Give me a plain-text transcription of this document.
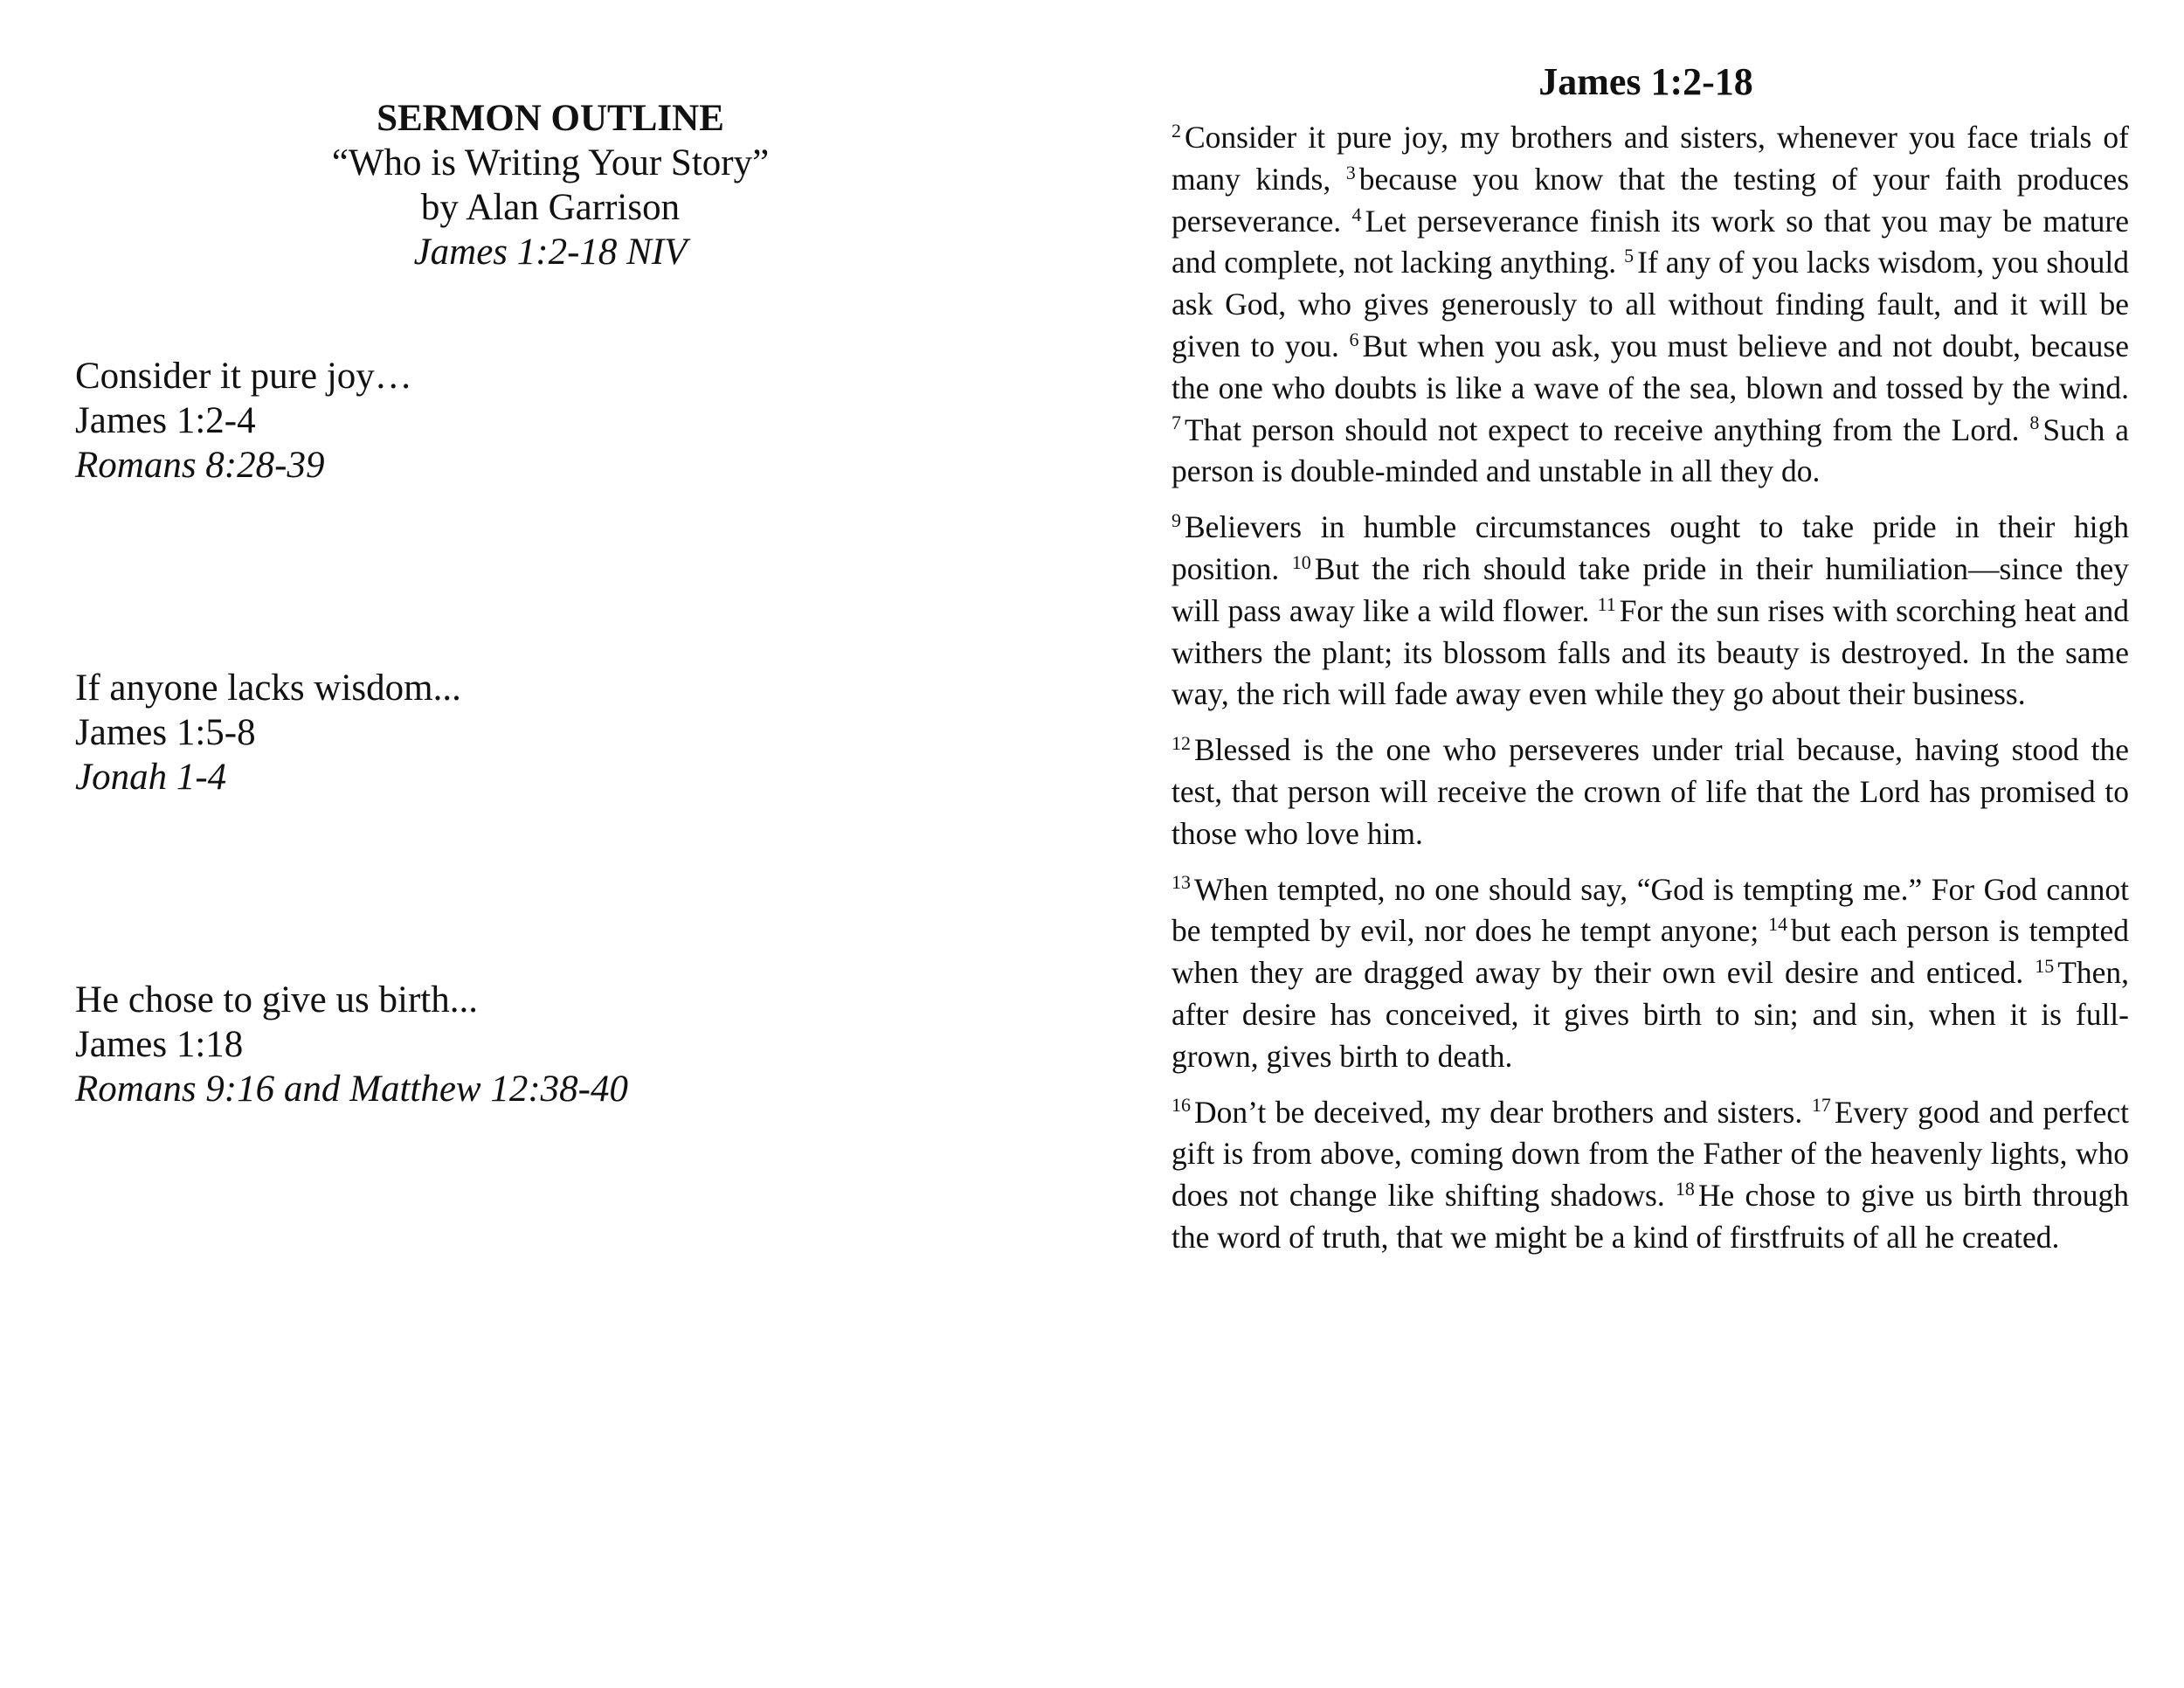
SERMON OUTLINE
“Who is Writing Your Story”
by Alan Garrison
James 1:2-18 NIV
Consider it pure joy…
James 1:2-4
Romans 8:28-39
If anyone lacks wisdom...
James 1:5-8
Jonah 1-4
He chose to give us birth...
James 1:18
Romans 9:16 and Matthew 12:38-40
James 1:2-18

$^2$ Consider it pure joy, my brothers and sisters, whenever you face trials of many kinds, $^3$ because you know that the testing of your faith produces perseverance. $^4$ Let perseverance finish its work so that you may be mature and complete, not lacking anything. $^5$ If any of you lacks wisdom, you should ask God, who gives generously to all without finding fault, and it will be given to you. $^6$ But when you ask, you must believe and not doubt, because the one who doubts is like a wave of the sea, blown and tossed by the wind. $^7$ That person should not expect to receive anything from the Lord. $^8$ Such a person is double-minded and unstable in all they do.

$^9$ Believers in humble circumstances ought to take pride in their high position. $^{10}$ But the rich should take pride in their humiliation—since they will pass away like a wild flower. $^{11}$ For the sun rises with scorching heat and withers the plant; its blossom falls and its beauty is destroyed. In the same way, the rich will fade away even while they go about their business.

$^{12}$ Blessed is the one who perseveres under trial because, having stood the test, that person will receive the crown of life that the Lord has promised to those who love him.

$^{13}$ When tempted, no one should say, “God is tempting me.” For God cannot be tempted by evil, nor does he tempt anyone; $^{14}$ but each person is tempted when they are dragged away by their own evil desire and enticed. $^{15}$ Then, after desire has conceived, it gives birth to sin; and sin, when it is full-grown, gives birth to death.

$^{16}$ Don’t be deceived, my dear brothers and sisters. $^{17}$ Every good and perfect gift is from above, coming down from the Father of the heavenly lights, who does not change like shifting shadows. $^{18}$ He chose to give us birth through the word of truth, that we might be a kind of firstfruits of all he created.
